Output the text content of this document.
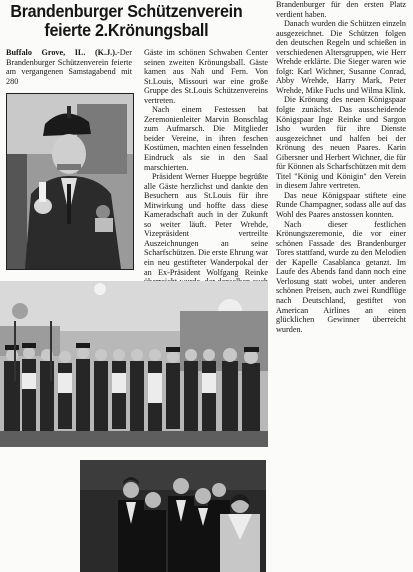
Brandenburger Schützenverein
feierte 2.Krönungsball

Buffalo Grove, IL. (K.J.).-Der Brandenburger Schützenverein feierte am vergangenen Samstagabend mit 280

Gäste im schönen Schwaben Center seinen zweiten Krönungsball. Gäste kamen aus Nah und Fern. Von St.Louis, Missouri war eine große Gruppe des St.Louis Schützenvereins vertreten.

Nach einem Festessen bat Zeremonienleiter Marvin Bonschlag zum Aufmarsch. Die Mitglieder beider Vereine, in ihren feschen Kostümen, machten einen fesselnden Eindruck als sie in den Saal marschierten.

Präsident Werner Hueppe begrüßte alle Gäste herzlichst und dankte den Besuchern aus St.Louis für ihre Mitwirkung und hoffte dass diese Kameradschaft auch in der Zukunft so weiter läuft. Peter Wrehde, Vizepräsident vertreilte Auszeichnungen an seine Scharfschützen. Die erste Ehrung war ein neu gestifteter Wanderpokal der an Ex-Präsident Wolfgang Reinke

Brandenburger für den ersten Platz verdient haben.

Danach wurden die Schützen einzeln ausgezeichnet. Die Schützen folgen den deutschen Regeln und schießen in verschiedenen Altersgruppen, wie Herr Wrehde erklärte. Die Sieger waren wie folgt: Karl Wichner, Susanne Conrad, Abby Wrehde, Harry Mark, Peter Wrehde, Mike Fuchs und Wilma Klink.

Die Krönung des neuen Königspaar folgte zunächst. Das ausscheidende Königspaar Inge Reinke und Sargon Isho wurden für ihre Dienste ausgezeichnet und halfen bei der Krönung des neuen Paares. Karin Gibersner und Herbert Wichner, die für für Können als Scharfschützen mit dem Titel "König und Königin" den Verein in diesem Jahre vertreten.

Das neue Königspaar stiftete eine Runde Champagner, sodass alle auf das Wohl des Paares anstossen konnten.

Nach dieser festlichen Krönungszeremonie, die vor einer schönen Fassade des Brandenburger Tores stattfand, wurde zu den Melodien der Kapelle Casablanca getanzt. Im Laufe des Abends fand dann noch eine Verlosung statt wobei, unter anderen schönen Preisen, auch zwei Rundflüge nach Deutschland, gestiftet von American Airlines an einen glücklichen Gewinner überreicht wurden.
